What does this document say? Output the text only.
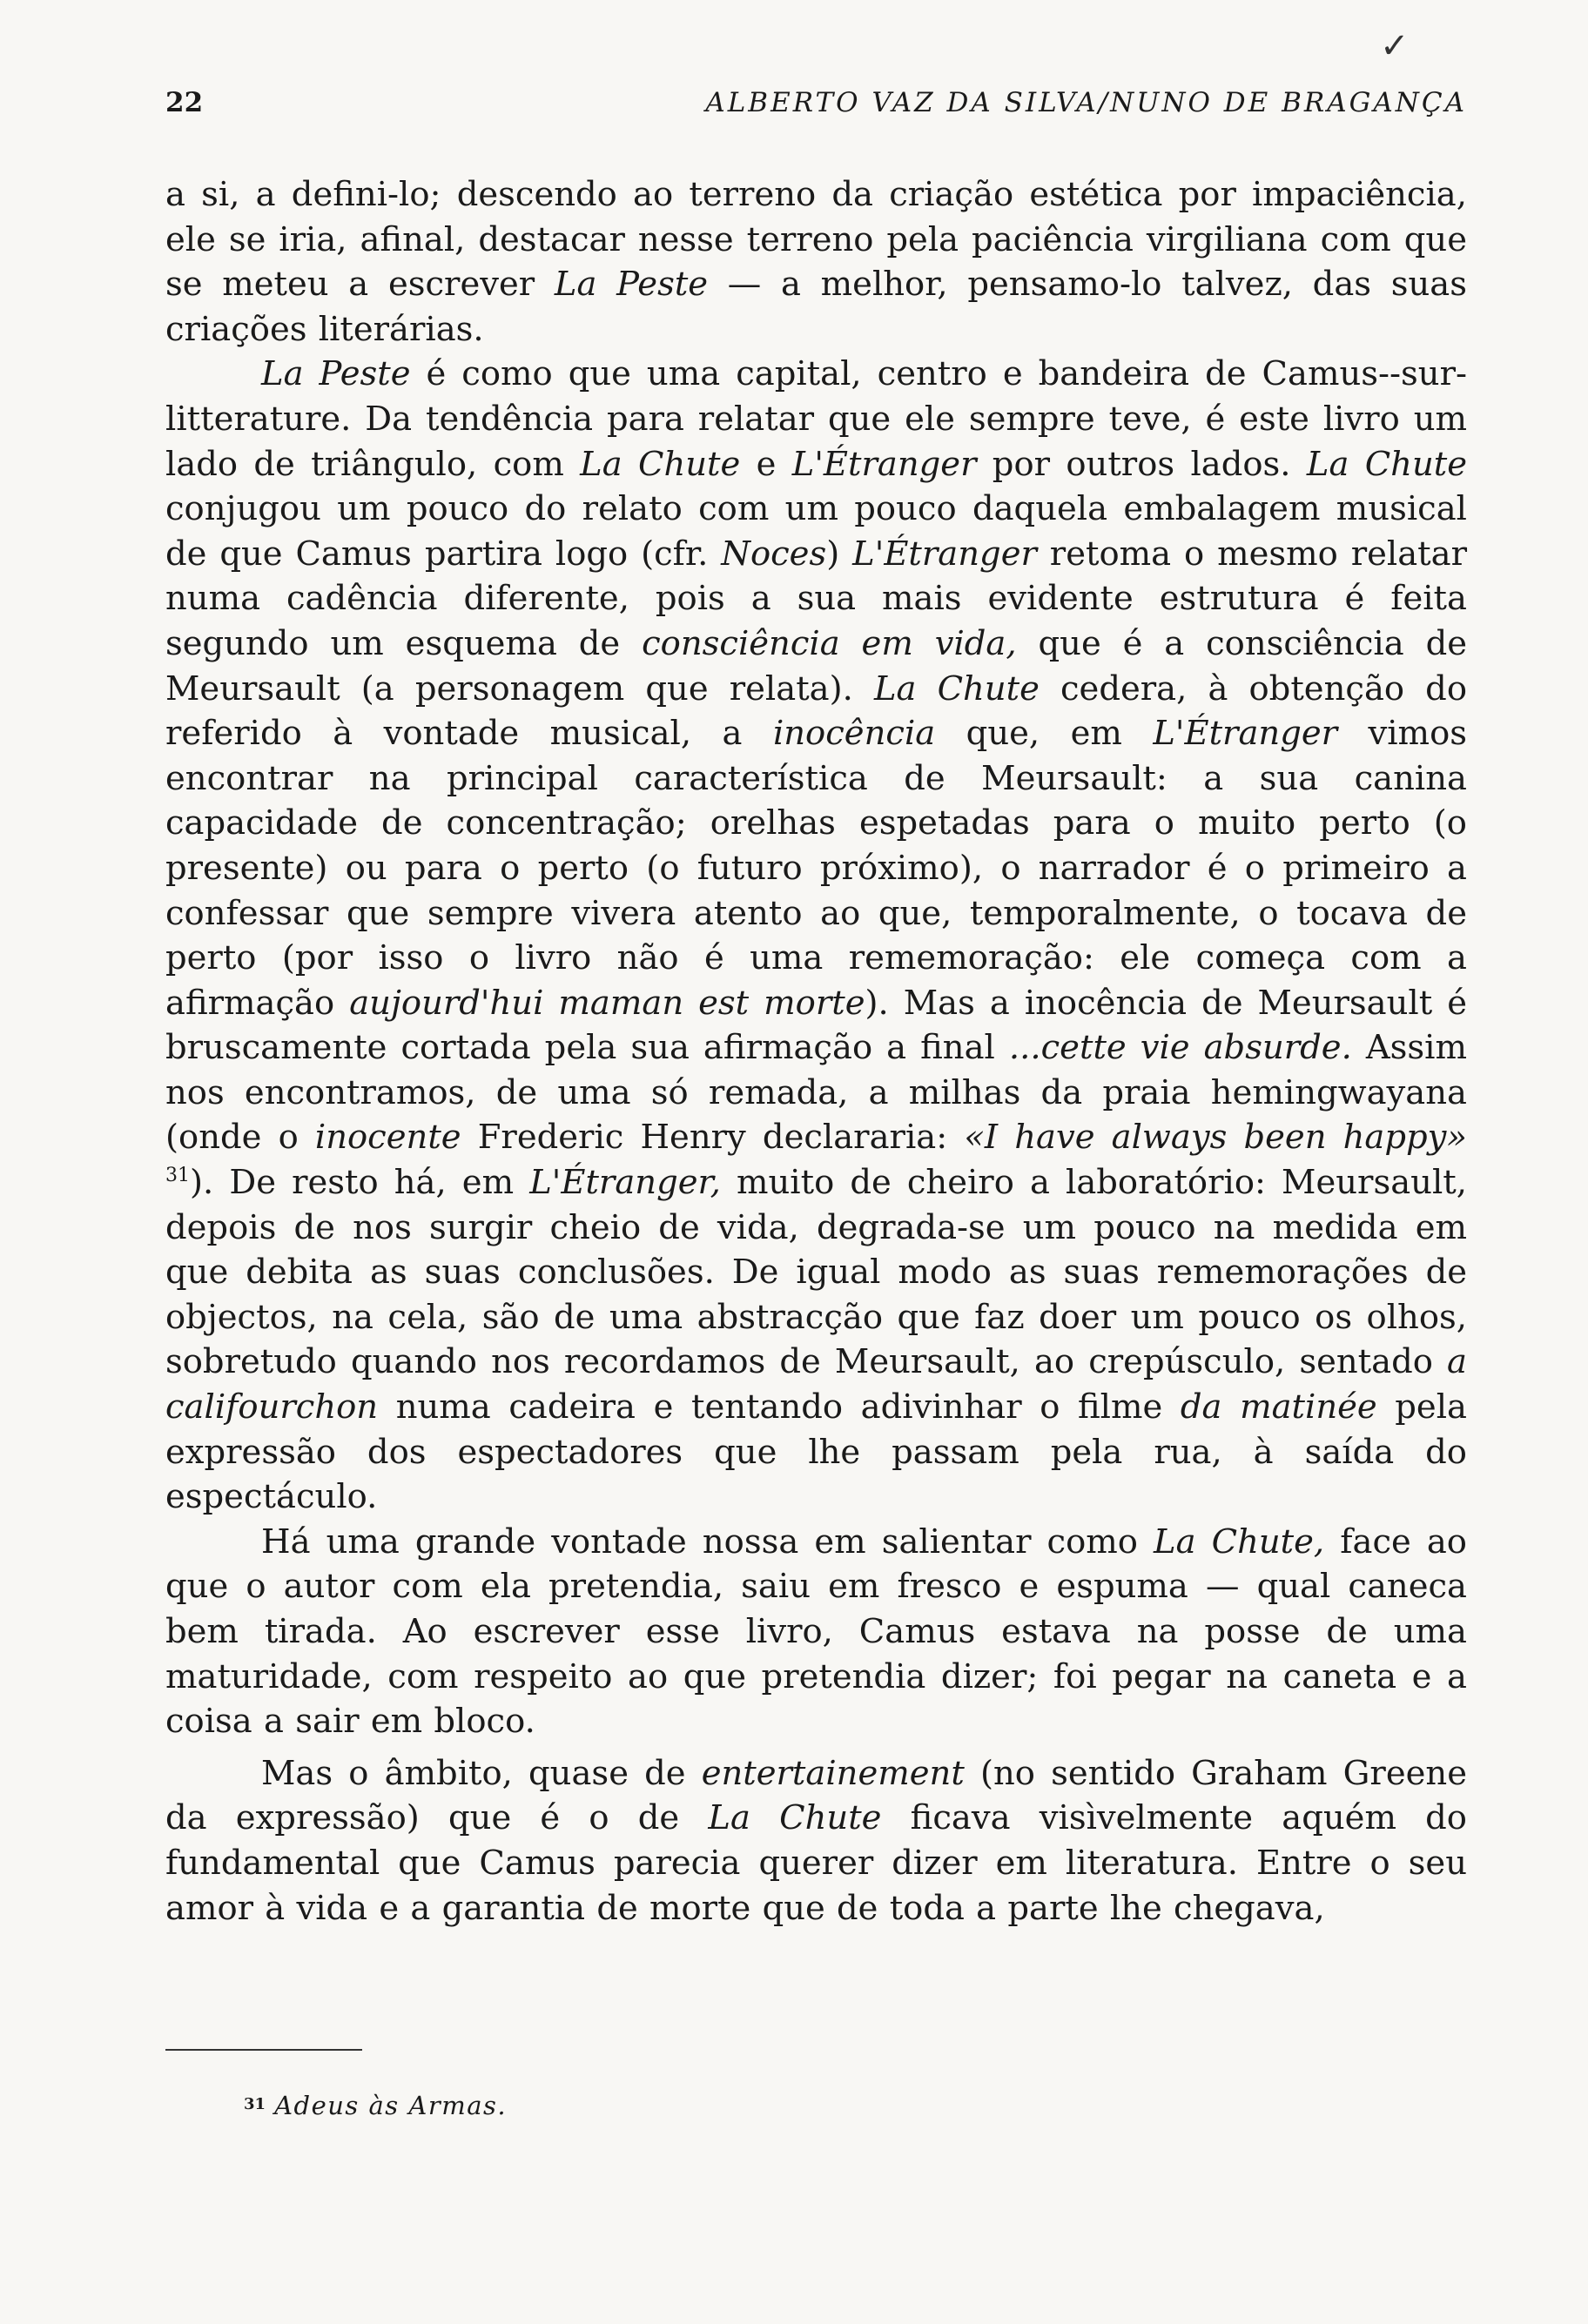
✓
22	ALBERTO VAZ DA SILVA/NUNO DE BRAGANÇA

a si, a defini-lo; descendo ao terreno da criação estética por impaciência, ele se iria, afinal, destacar nesse terreno pela paciência virgiliana com que se meteu a escrever La Peste — a melhor, pensamo-lo talvez, das suas criações literárias.

La Peste é como que uma capital, centro e bandeira de Camus--sur-litterature. Da tendência para relatar que ele sempre teve, é este livro um lado de triângulo, com La Chute e L'Étranger por outros lados. La Chute conjugou um pouco do relato com um pouco daquela embalagem musical de que Camus partira logo (cfr. Noces) L'Étranger retoma o mesmo relatar numa cadência diferente, pois a sua mais evidente estrutura é feita segundo um esquema de consciência em vida, que é a consciência de Meursault (a personagem que relata). La Chute cedera, à obtenção do referido à vontade musical, a inocência que, em L'Étranger vimos encontrar na principal característica de Meursault: a sua canina capacidade de concentração; orelhas espetadas para o muito perto (o presente) ou para o perto (o futuro próximo), o narrador é o primeiro a confessar que sempre vivera atento ao que, temporalmente, o tocava de perto (por isso o livro não é uma rememoração: ele começa com a afirmação aujourd'hui maman est morte). Mas a inocência de Meursault é bruscamente cortada pela sua afirmação a final ...cette vie absurde. Assim nos encontramos, de uma só remada, a milhas da praia hemingwayana (onde o inocente Frederic Henry declararia: «I have always been happy» $^{31}$). De resto há, em L'Étranger, muito de cheiro a laboratório: Meursault, depois de nos surgir cheio de vida, degrada-se um pouco na medida em que debita as suas conclusões. De igual modo as suas rememorações de objectos, na cela, são de uma abstracção que faz doer um pouco os olhos, sobretudo quando nos recordamos de Meursault, ao crepúsculo, sentado a califourchon numa cadeira e tentando adivinhar o filme da matinée pela expressão dos espectadores que lhe passam pela rua, à saída do espectáculo.

Há uma grande vontade nossa em salientar como La Chute, face ao que o autor com ela pretendia, saiu em fresco e espuma — qual caneca bem tirada. Ao escrever esse livro, Camus estava na posse de uma maturidade, com respeito ao que pretendia dizer; foi pegar na caneta e a coisa a sair em bloco.

Mas o âmbito, quase de entertainement (no sentido Graham Greene da expressão) que é o de La Chute ficava visìvelmente aquém do fundamental que Camus parecia querer dizer em literatura. Entre o seu amor à vida e a garantia de morte que de toda a parte lhe chegava,

$^{31}$ Adeus às Armas.
